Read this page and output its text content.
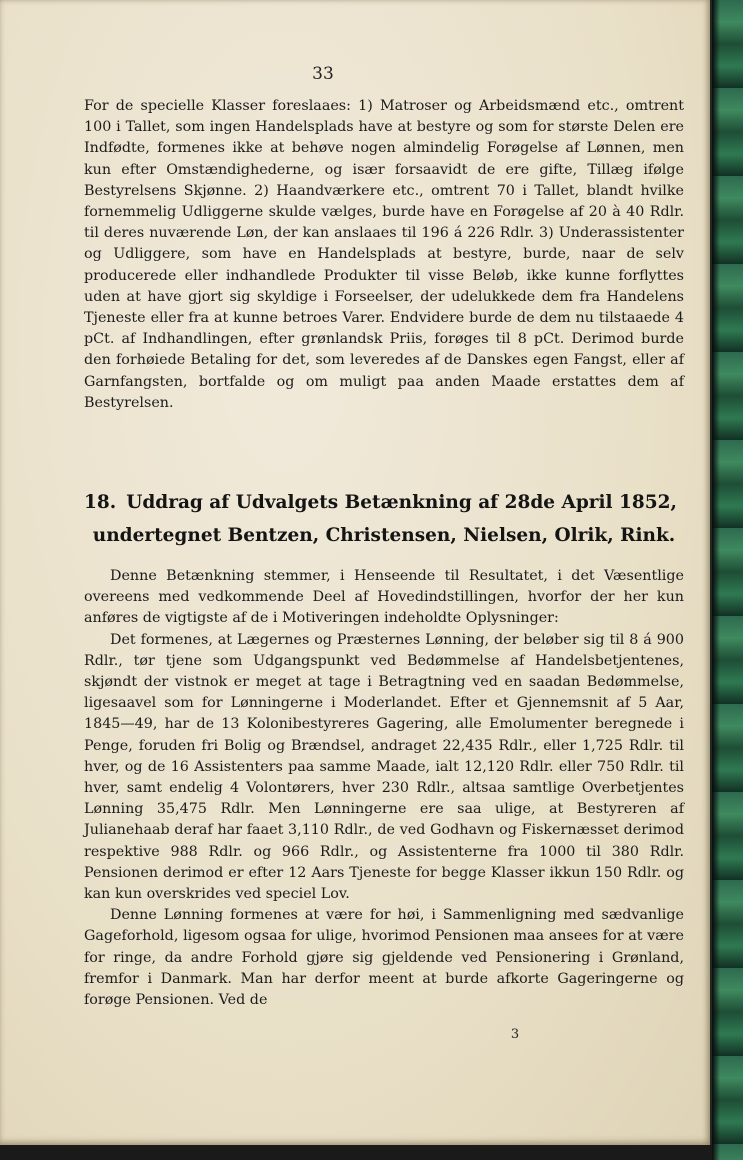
33

For de specielle Klasser foreslaaes: 1) Matroser og Arbeidsmænd etc., omtrent 100 i Tallet, som ingen Handelsplads have at bestyre og som for største Delen ere Indfødte, formenes ikke at behøve nogen almindelig Forøgelse af Lønnen, men kun efter Omstændighederne, og især forsaavidt de ere gifte, Tillæg ifølge Bestyrelsens Skjønne. 2) Haandværkere etc., omtrent 70 i Tallet, blandt hvilke fornemmelig Udliggerne skulde vælges, burde have en Forøgelse af 20 à 40 Rdlr. til deres nuværende Løn, der kan anslaaes til 196 á 226 Rdlr. 3) Underassistenter og Udliggere, som have en Handelsplads at bestyre, burde, naar de selv producerede eller indhandlede Produkter til visse Beløb, ikke kunne forflyttes uden at have gjort sig skyldige i Forseelser, der udelukkede dem fra Handelens Tjeneste eller fra at kunne betroes Varer. Endvidere burde de dem nu tilstaaede 4 pCt. af Indhandlingen, efter grønlandsk Priis, forøges til 8 pCt. Derimod burde den forhøiede Betaling for det, som leveredes af de Danskes egen Fangst, eller af Garnfangsten, bortfalde og om muligt paa anden Maade erstattes dem af Bestyrelsen.

18. Uddrag af Udvalgets Betænkning af 28de April 1852,
undertegnet Bentzen, Christensen, Nielsen, Olrik, Rink.

Denne Betænkning stemmer, i Henseende til Resultatet, i det Væsentlige overeens med vedkommende Deel af Hovedindstillingen, hvorfor der her kun anføres de vigtigste af de i Motiveringen indeholdte Oplysninger:

Det formenes, at Lægernes og Præsternes Lønning, der beløber sig til 8 á 900 Rdlr., tør tjene som Udgangspunkt ved Bedømmelse af Handelsbetjentenes, skjøndt der vistnok er meget at tage i Betragtning ved en saadan Bedømmelse, ligesaavel som for Lønningerne i Moderlandet. Efter et Gjennemsnit af 5 Aar, 1845—49, har de 13 Kolonibestyreres Gagering, alle Emolumenter beregnede i Penge, foruden fri Bolig og Brændsel, andraget 22,435 Rdlr., eller 1,725 Rdlr. til hver, og de 16 Assistenters paa samme Maade, ialt 12,120 Rdlr. eller 750 Rdlr. til hver, samt endelig 4 Volontørers, hver 230 Rdlr., altsaa samtlige Overbetjentes Lønning 35,475 Rdlr. Men Lønningerne ere saa ulige, at Bestyreren af Julianehaab deraf har faaet 3,110 Rdlr., de ved Godhavn og Fiskernæsset derimod respektive 988 Rdlr. og 966 Rdlr., og Assistenterne fra 1000 til 380 Rdlr. Pensionen derimod er efter 12 Aars Tjeneste for begge Klasser ikkun 150 Rdlr. og kan kun overskrides ved speciel Lov.

Denne Lønning formenes at være for høi, i Sammenligning med sædvanlige Gageforhold, ligesom ogsaa for ulige, hvorimod Pensionen maa ansees for at være for ringe, da andre Forhold gjøre sig gjeldende ved Pensionering i Grønland, fremfor i Danmark. Man har derfor meent at burde afkorte Gageringerne og forøge Pensionen. Ved de

3
